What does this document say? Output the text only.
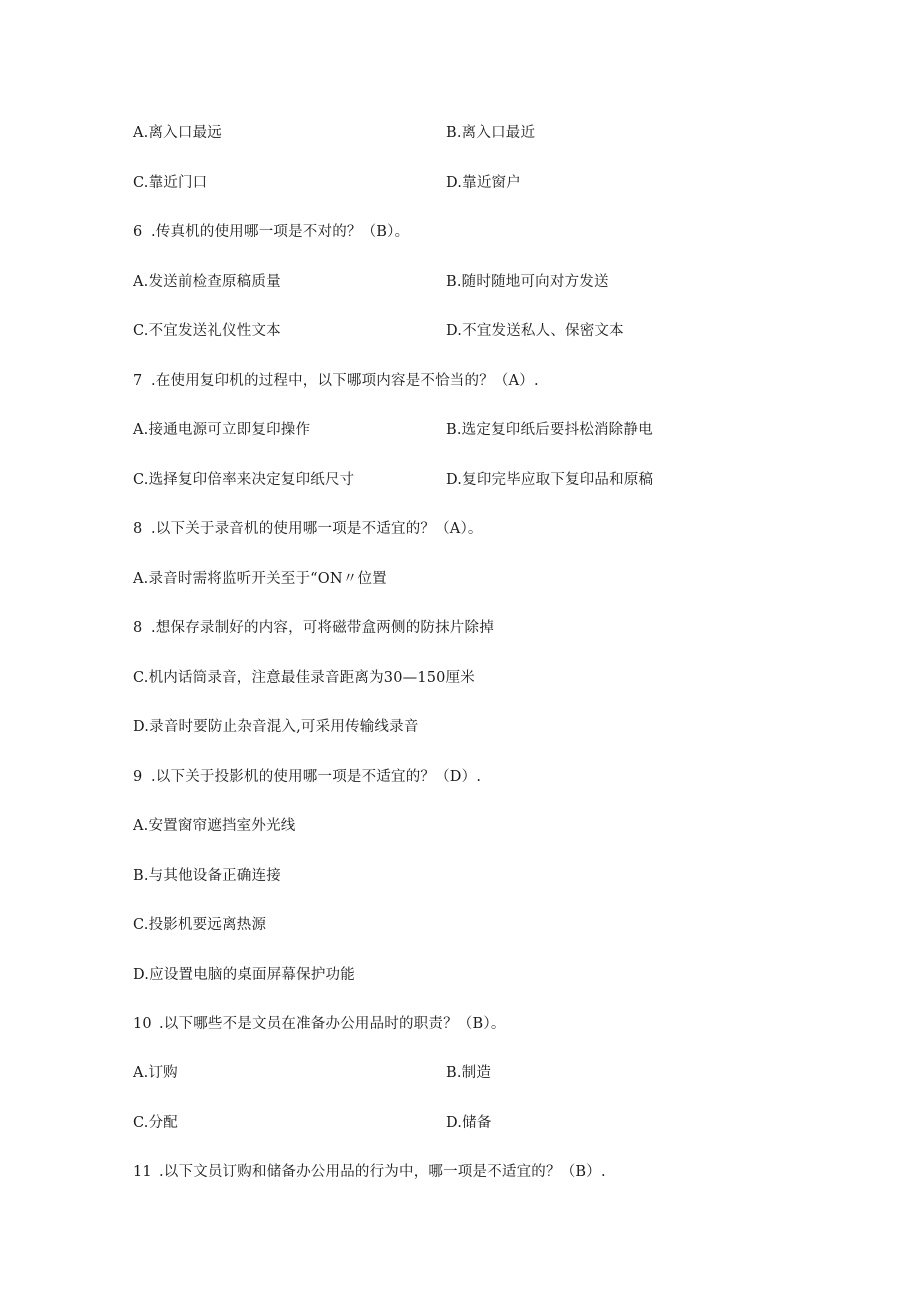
A.离入口最远	B.离入口最近
C.靠近门口	D.靠近窗户
6 .传真机的使用哪一项是不对的？（B）。
A.发送前检查原稿质量	B.随时随地可向对方发送
C.不宜发送礼仪性文本	D.不宜发送私人、保密文本
7 .在使用复印机的过程中，以下哪项内容是不恰当的？（A）.
A.接通电源可立即复印操作	B.选定复印纸后要抖松消除静电
C.选择复印倍率来决定复印纸尺寸	D.复印完毕应取下复印品和原稿
8 .以下关于录音机的使用哪一项是不适宜的？（A）。
A.录音时需将监听开关至于“ON〃位置
8 .想保存录制好的内容，可将磁带盒两侧的防抹片除掉
C.机内话筒录音，注意最佳录音距离为30—150厘米
D.录音时要防止杂音混入,可采用传输线录音
9 .以下关于投影机的使用哪一项是不适宜的？（D）.
A.安置窗帘遮挡室外光线
B.与其他设备正确连接
C.投影机要远离热源
D.应设置电脑的桌面屏幕保护功能
10 .以下哪些不是文员在准备办公用品时的职责？（B）。
A.订购	B.制造
C.分配	D.储备
11 .以下文员订购和储备办公用品的行为中，哪一项是不适宜的？（B）.
